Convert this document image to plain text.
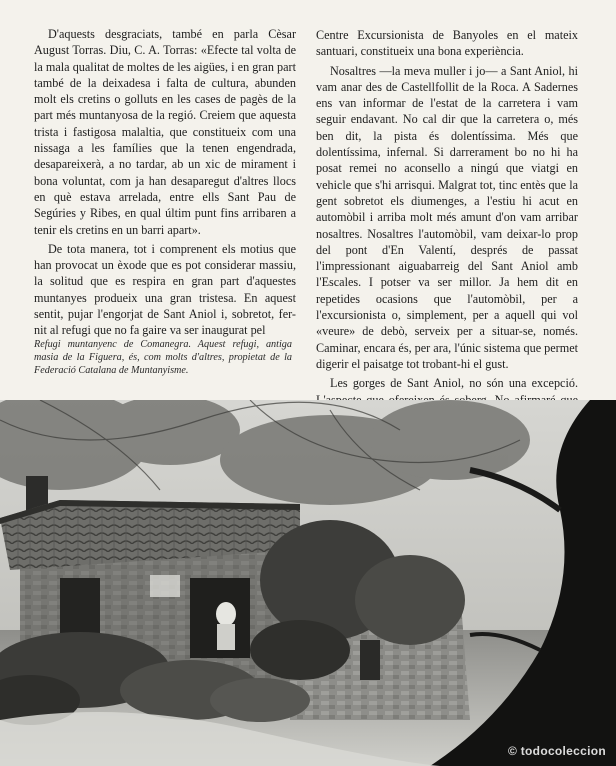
D'aquests desgraciats, també en parla Cèsar August Torras. Diu, C. A. Torras: «Efecte tal volta de la mala qualitat de moltes de les aigües, i en gran part també de la deixadesa i falta de cultura, abunden molt els cretins o golluts en les cases de pagès de la part més muntanyosa de la regió. Creiem que aquesta trista i fastigosa malaltia, que constitueix com una nissaga a les famílies que la tenen engendrada, desapareixerà, a no tardar, ab un xic de mirament i bona voluntat, com ja han desaparegut d'altres llocs en què estava arrelada, entre ells Sant Pau de Segúries y Ribes, en qual últim punt fins arribaren a tenir els cretins en un barri apart».

De tota manera, tot i comprenent els motius que han provocat un èxode que es pot considerar massiu, la solitud que es respira en gran part d'aquestes muntanyes produeix una gran tristesa. En aquest sentit, pujar l'engorjat de Sant Aniol i, sobretot, fer-nit al refugi que no fa gaire va ser inaugurat pel

Refugi muntanyenc de Comanegra. Aquest refugi, antiga masia de la Figuera, és, com molts d'altres, propietat de la Federació Catalana de Muntanyisme.

Centre Excursionista de Banyoles en el mateix santuari, constitueix una bona experiència.

Nosaltres —la meva muller i jo— a Sant Aniol, hi vam anar des de Castellfollit de la Roca. A Sadernes ens van informar de l'estat de la carretera i vam seguir endavant. No cal dir que la carretera o, més ben dit, la pista és dolentíssima. Més que dolentíssima, infernal. Si darrerament bo no hi ha posat remei no aconsello a ningú que viatgi en vehicle que s'hi arrisqui. Malgrat tot, tinc entès que la gent sobretot els diumenges, a l'estiu hi acut en automòbil i arriba molt més amunt d'on vam arribar nosaltres. Nosaltres l'automòbil, vam deixar-lo prop del pont d'En Valentí, després de passat l'impressionant aiguabarreig del Sant Aniol amb l'Escales. I potser va ser millor. Ja hem dit en repetides ocasions que l'automòbil, per a l'excursionista o, simplement, per a aquell qui vol «veure» de debò, serveix per a situar-se, només. Caminar, encara és, per ara, l'únic sistema que permet digerir el paisatge tot trobant-hi el gust.

Les gorges de Sant Aniol, no són una excepció.

© todocoleccion
